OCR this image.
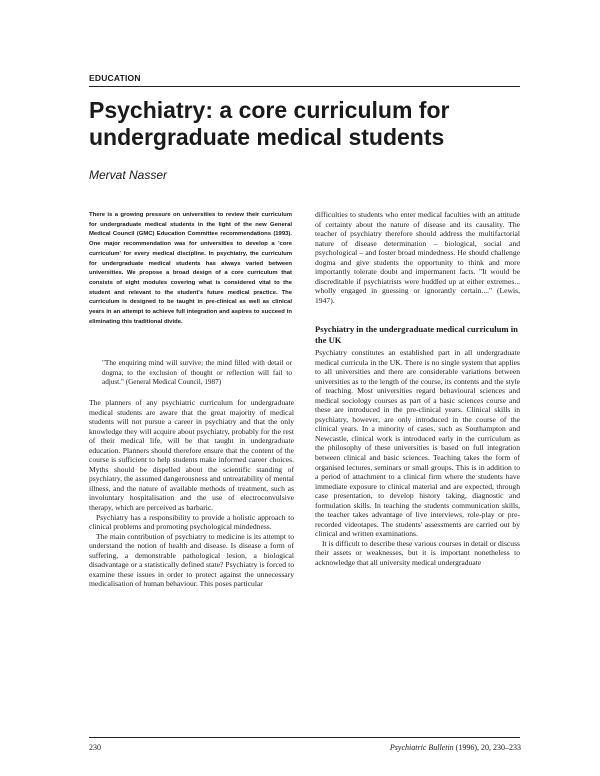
EDUCATION
Psychiatry: a core curriculum for undergraduate medical students
Mervat Nasser

There is a growing pressure on universities to review their curriculum for undergraduate medical students in the light of the new General Medical Council (GMC) Education Committee recommendations (1993). One major recommendation was for universities to develop a 'core curriculum' for every medical discipline. In psychiatry, the curriculum for undergraduate medical students has always varied between universities. We propose a broad design of a core curriculum that consists of eight modules covering what is considered vital to the student and relevant to the student's future medical practice. The curriculum is designed to be taught in pre-clinical as well as clinical years in an attempt to achieve full integration and aspires to succeed in eliminating this traditional divide.

"The enquiring mind will survive; the mind filled with detail or dogma, to the exclusion of thought or reflection will fail to adjust." (General Medical Council, 1987)

The planners of any psychiatric curriculum for undergraduate medical students are aware that the great majority of medical students will not pursue a career in psychiatry and that the only knowledge they will acquire about psychiatry, probably for the rest of their medical life, will be that taught in undergraduate education. Planners should therefore ensure that the content of the course is sufficient to help students make informed career choices. Myths should be dispelled about the scientific standing of psychiatry, the assumed dangerousness and untreatability of mental illness, and the nature of available methods of treatment, such as involuntary hospitalisation and the use of electroconvulsive therapy, which are perceived as barbaric.

Psychiatry has a responsibility to provide a holistic approach to clinical problems and promoting psychological mindedness.

The main contribution of psychiatry to medicine is its attempt to understand the notion of health and disease. Is disease a form of suffering, a demonstrable pathological lesion, a biological disadvantage or a statistically defined state? Psychiatry is forced to examine these issues in order to protect against the unnecessary medicalisation of human behaviour. This poses particular

difficulties to students who enter medical faculties with an attitude of certainty about the nature of disease and its causality. The teacher of psychiatry therefore should address the multifactorial nature of disease determination – biological, social and psychological – and foster broad mindedness. He should challenge dogma and give students the opportunity to think and more importantly tolerate doubt and impermanent facts. "It would be discreditable if psychiatrists were huddled up at either extremes... wholly engaged in guessing or ignorantly certain...." (Lewis, 1947).

Psychiatry in the undergraduate medical curriculum in the UK

Psychiatry constitutes an established part in all undergraduate medical curricula in the UK. There is no single system that applies to all universities and there are considerable variations between universities as to the length of the course, its contents and the style of teaching. Most universities regard behavioural sciences and medical sociology courses as part of a basic sciences course and these are introduced in the pre-clinical years. Clinical skills in psychiatry, however, are only introduced in the course of the clinical years. In a minority of cases, such as Southampton and Newcastle, clinical work is introduced early in the curriculum as the philosophy of these universities is based on full integration between clinical and basic sciences. Teaching takes the form of organised lectures, seminars or small groups. This is in addition to a period of attachment to a clinical firm where the students have immediate exposure to clinical material and are expected, through case presentation, to develop history taking, diagnostic and formulation skills. In teaching the students communication skills, the teacher takes advantage of live interviews, role-play or pre-recorded videotapes. The students' assessments are carried out by clinical and written examinations.

It is difficult to describe these various courses in detail or discuss their assets or weaknesses, but it is important nonetheless to acknowledge that all university medical undergraduate

230	Psychiatric Bulletin (1996), 20, 230–233
